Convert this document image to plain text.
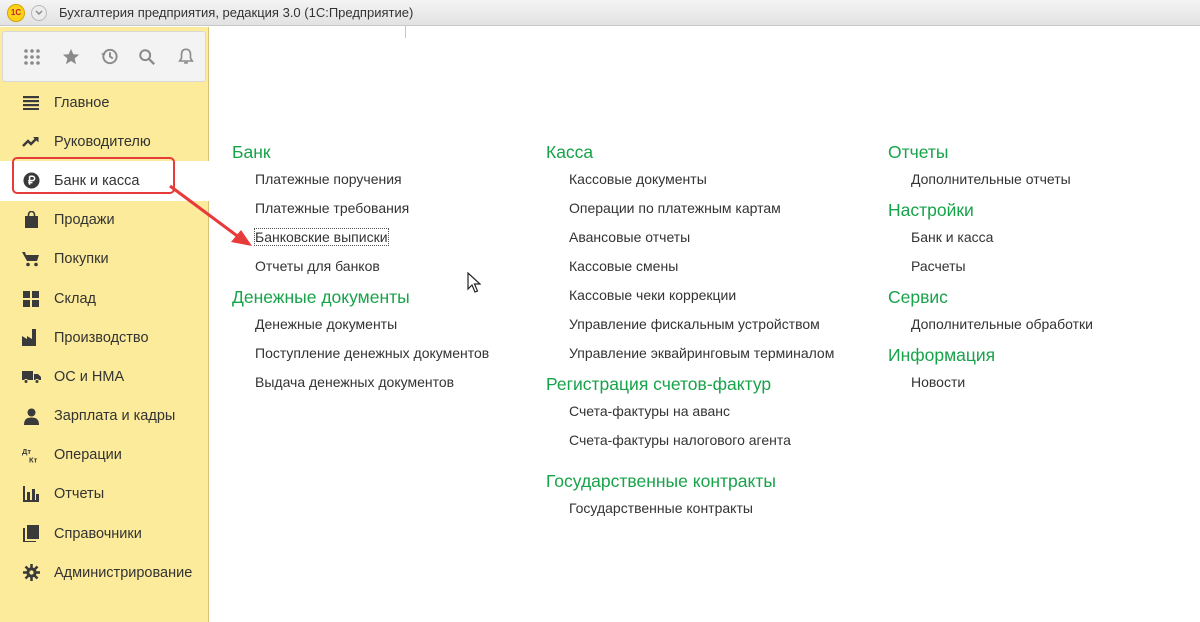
1С	Бухгалтерия предприятия, редакция 3.0 (1С:Предприятие)
Главное
Руководителю
Банк и касса
Продажи
Покупки
Склад
Производство
ОС и НМА
Зарплата и кадры
Дт
Кт Операции
Отчеты
Справочники
Администрирование
Банк
Платежные поручения
Платежные требования
Банковские выписки
Отчеты для банков
Денежные документы
Денежные документы
Поступление денежных документов
Выдача денежных документов
Касса
Кассовые документы
Операции по платежным картам
Авансовые отчеты
Кассовые смены
Кассовые чеки коррекции
Управление фискальным устройством
Управление эквайринговым терминалом
Регистрация счетов-фактур
Счета-фактуры на аванс
Счета-фактуры налогового агента
Государственные контракты
Государственные контракты
Отчеты
Дополнительные отчеты
Настройки
Банк и касса
Расчеты
Сервис
Дополнительные обработки
Информация
Новости
